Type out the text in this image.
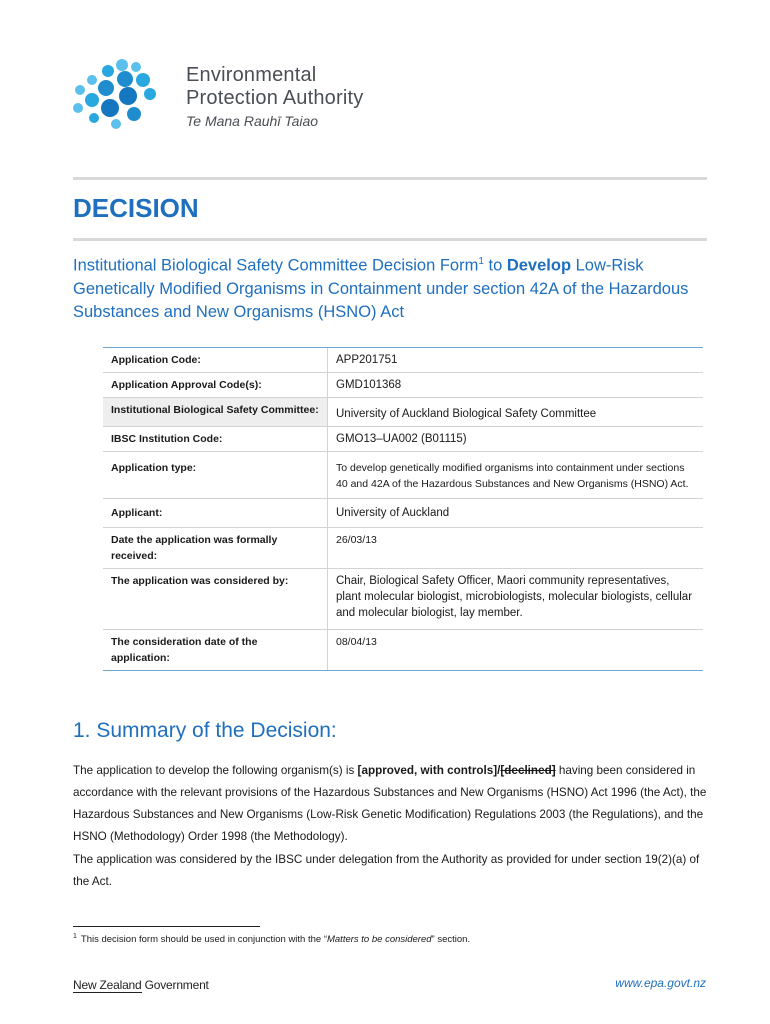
Environmental
Protection Authority
Te Mana Rauhī Taiao
DECISION
Institutional Biological Safety Committee Decision Form$^1$ to Develop Low-Risk Genetically Modified Organisms in Containment under section 42A of the Hazardous Substances and New Organisms (HSNO) Act
Application Code:	APP201751
Application Approval Code(s):	GMD101368
Institutional Biological Safety Committee:	University of Auckland Biological Safety Committee
IBSC Institution Code:	GMO13–UA002 (B01115)
Application type:	To develop genetically modified organisms into containment under sections 40 and 42A of the Hazardous Substances and New Organisms (HSNO) Act.
Applicant:	University of Auckland
Date the application was formally received:
26/03/13
The application was considered by:	Chair, Biological Safety Officer, Maori community representatives, plant molecular biologist, microbiologists, molecular biologists, cellular and molecular biologist, lay member.
The consideration date of the application:
08/04/13
1. Summary of the Decision:
The application to develop the following organism(s) is [approved, with controls]/[declined] having been considered in accordance with the relevant provisions of the Hazardous Substances and New Organisms (HSNO) Act 1996 (the Act), the Hazardous Substances and New Organisms (Low-Risk Genetic Modification) Regulations 2003 (the Regulations), and the HSNO (Methodology) Order 1998 (the Methodology).
The application was considered by the IBSC under delegation from the Authority as provided for under section 19(2)(a) of the Act.
$^1$ This decision form should be used in conjunction with the “Matters to be considered” section.
New Zealand Government	www.epa.govt.nz
